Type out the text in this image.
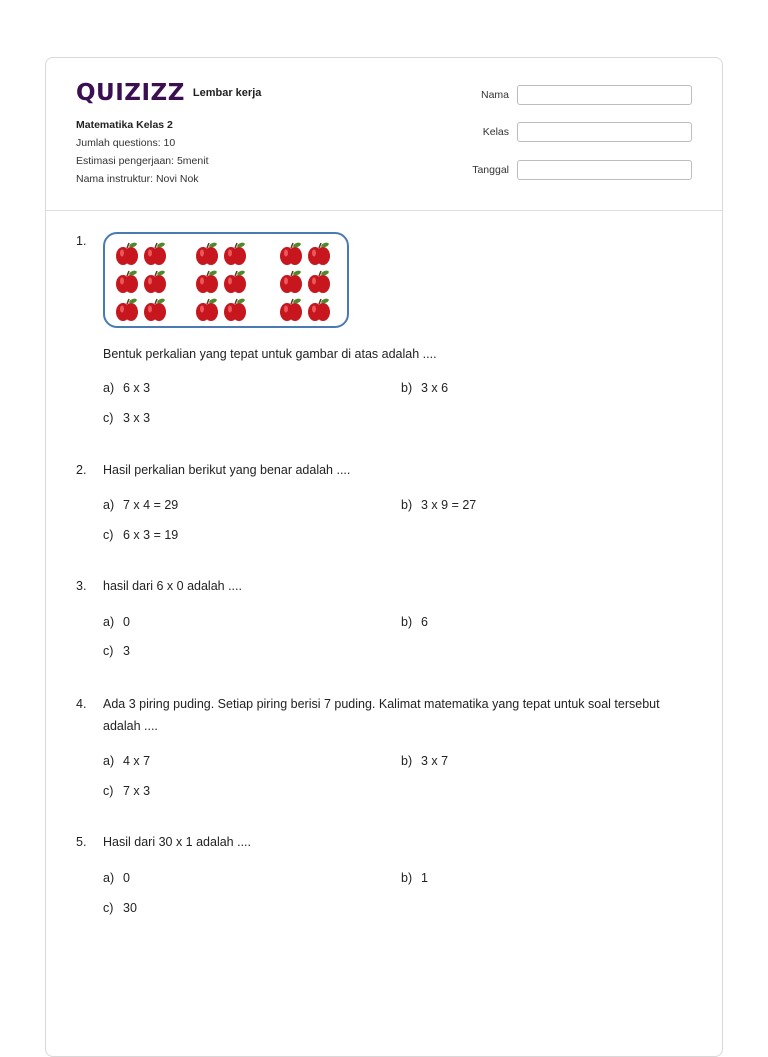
QUIZIZZ Lembar kerja
Matematika Kelas 2
Jumlah questions: 10
Estimasi pengerjaan: 5menit
Nama instruktur: Novi Nok
Nama
Kelas
Tanggal
1.
Bentuk perkalian yang tepat untuk gambar di atas adalah ....
a) 6 x 3	b) 3 x 6
c) 3 x 3
2. Hasil perkalian berikut yang benar adalah ....
a) 7 x 4 = 29	b) 3 x 9 = 27
c) 6 x 3 = 19
3. hasil dari 6 x 0 adalah ....
a) 0	b) 6
c) 3
4. Ada 3 piring puding. Setiap piring berisi 7 puding. Kalimat matematika yang tepat untuk soal tersebut adalah ....
a) 4 x 7	b) 3 x 7
c) 7 x 3
5. Hasil dari 30 x 1 adalah ....
a) 0	b) 1
c) 30
